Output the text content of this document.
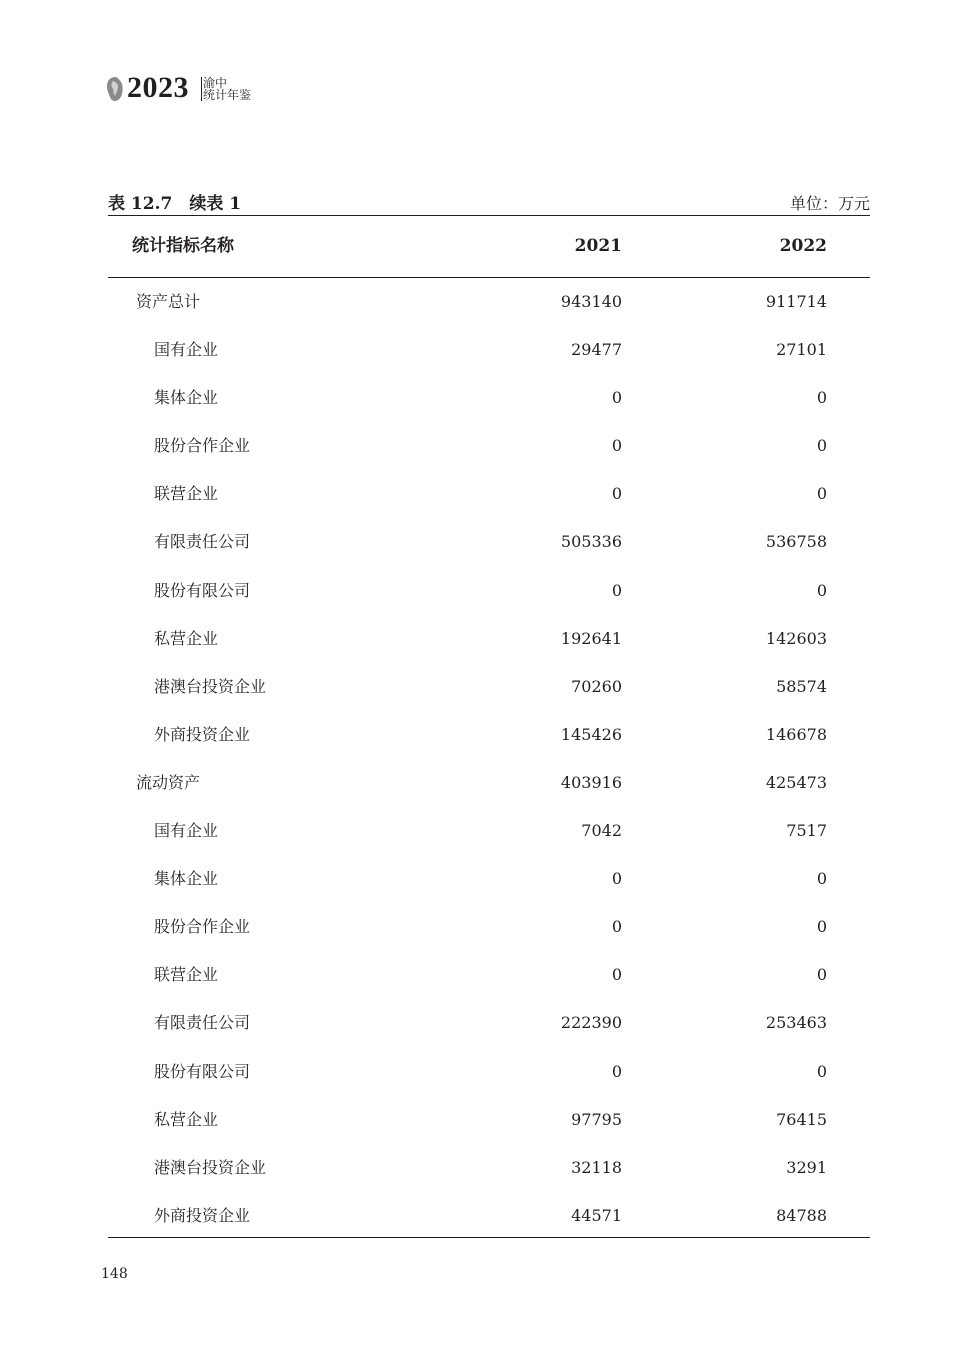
2023 渝中
统计年鉴
表 12.7　续表 1	单位：万元
统计指标名称	2021	2022
资产总计	943140	911714
国有企业	29477	27101
集体企业	0	0
股份合作企业	0	0
联营企业	0	0
有限责任公司	505336	536758
股份有限公司	0	0
私营企业	192641	142603
港澳台投资企业	70260	58574
外商投资企业	145426	146678
流动资产	403916	425473
国有企业	7042	7517
集体企业	0	0
股份合作企业	0	0
联营企业	0	0
有限责任公司	222390	253463
股份有限公司	0	0
私营企业	97795	76415
港澳台投资企业	32118	3291
外商投资企业	44571	84788
148
